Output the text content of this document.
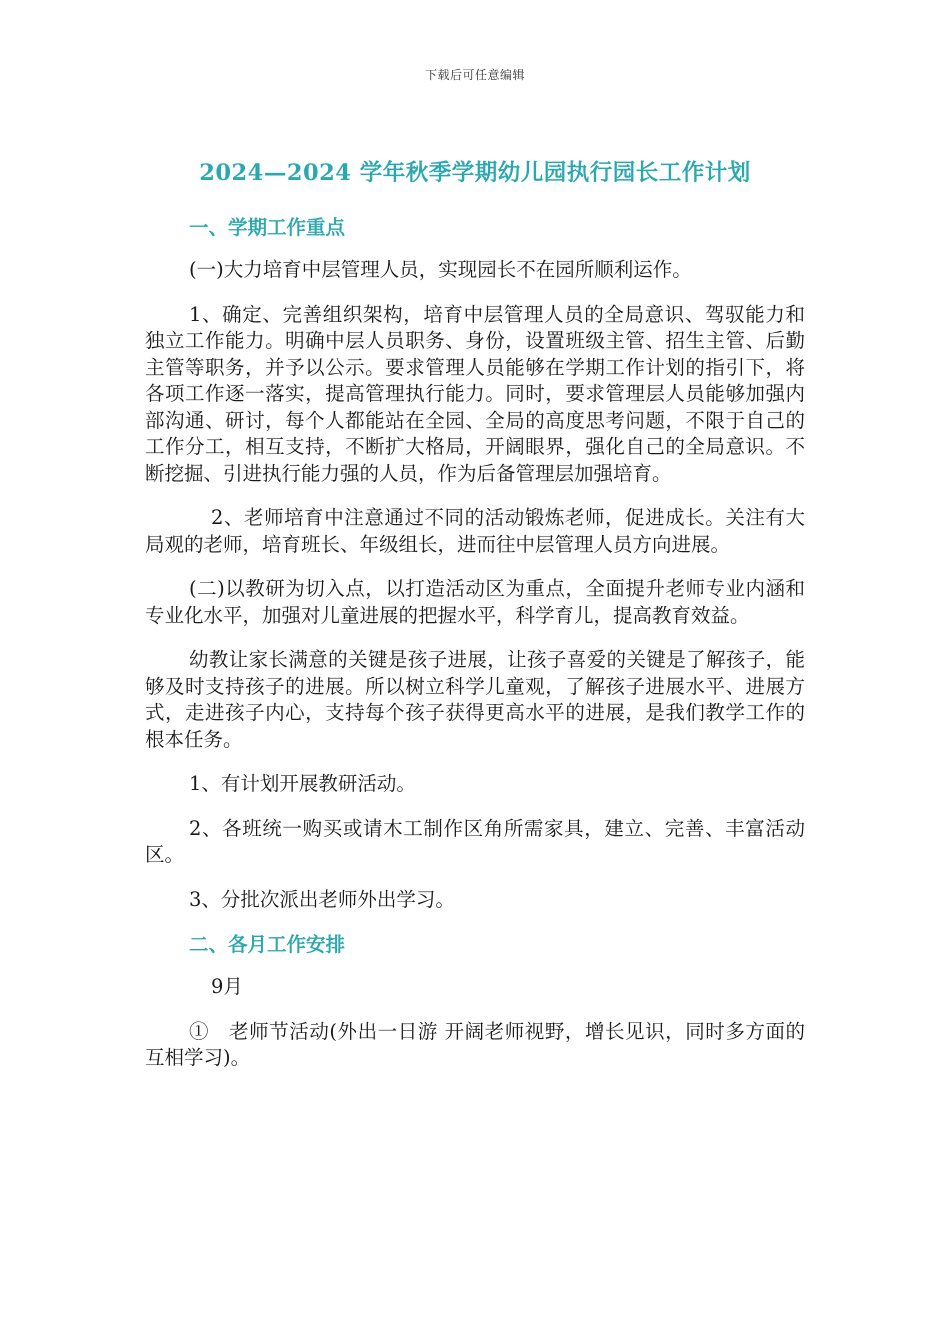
下载后可任意编辑
2024—2024 学年秋季学期幼儿园执行园长工作计划
一、学期工作重点

(一)大力培育中层管理人员，实现园长不在园所顺利运作。

1、确定、完善组织架构，培育中层管理人员的全局意识、驾驭能力和独立工作能力。明确中层人员职务、身份，设置班级主管、招生主管、后勤主管等职务，并予以公示。要求管理人员能够在学期工作计划的指引下，将各项工作逐一落实，提高管理执行能力。同时，要求管理层人员能够加强内部沟通、研讨，每个人都能站在全园、全局的高度思考问题，不限于自己的工作分工，相互支持，不断扩大格局，开阔眼界，强化自己的全局意识。不断挖掘、引进执行能力强的人员，作为后备管理层加强培育。

2、老师培育中注意通过不同的活动锻炼老师，促进成长。关注有大局观的老师，培育班长、年级组长，进而往中层管理人员方向进展。

(二)以教研为切入点，以打造活动区为重点，全面提升老师专业内涵和专业化水平，加强对儿童进展的把握水平，科学育儿，提高教育效益。

幼教让家长满意的关键是孩子进展，让孩子喜爱的关键是了解孩子，能够及时支持孩子的进展。所以树立科学儿童观，了解孩子进展水平、进展方式，走进孩子内心，支持每个孩子获得更高水平的进展，是我们教学工作的根本任务。

1、有计划开展教研活动。

2、各班统一购买或请木工制作区角所需家具，建立、完善、丰富活动区。

3、分批次派出老师外出学习。

二、各月工作安排

9月

①　老师节活动(外出一日游 开阔老师视野，增长见识，同时多方面的互相学习)。
